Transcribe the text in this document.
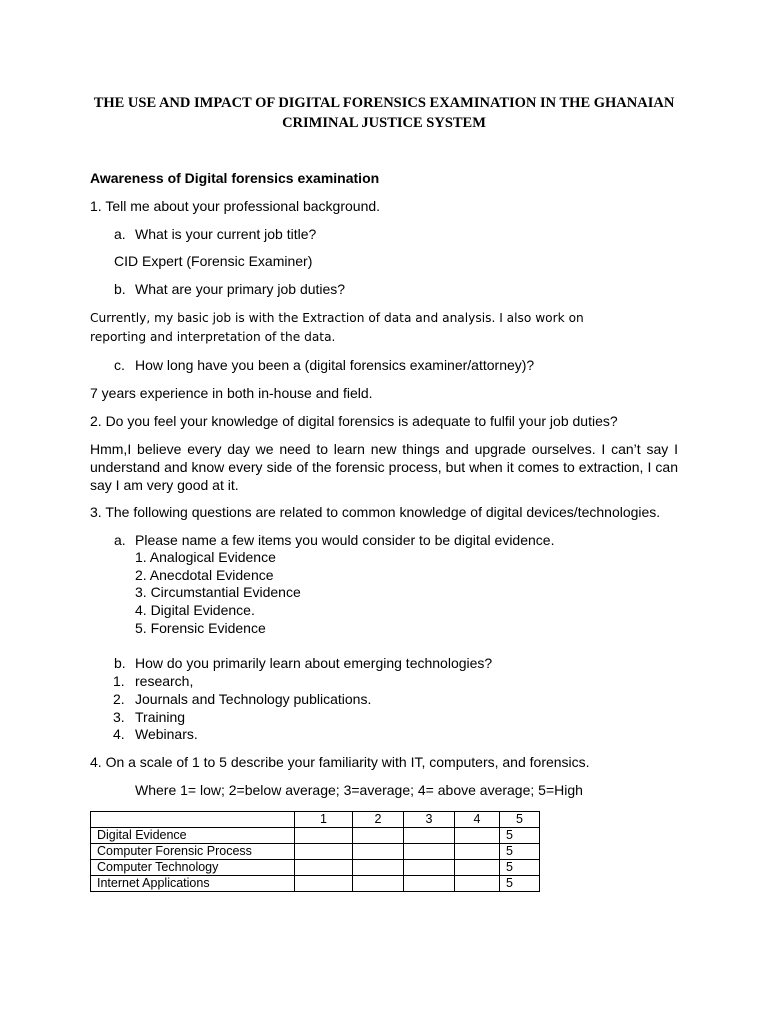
THE USE AND IMPACT OF DIGITAL FORENSICS EXAMINATION IN THE GHANAIAN CRIMINAL JUSTICE SYSTEM
Awareness of Digital forensics examination
1. Tell me about your professional background.
a. What is your current job title?
CID Expert (Forensic Examiner)
b. What are your primary job duties?
Currently, my basic job is with the Extraction of data and analysis. I also work on reporting and interpretation of the data.
c. How long have you been a (digital forensics examiner/attorney)?
7 years experience in both in-house and field.
2. Do you feel your knowledge of digital forensics is adequate to fulfil your job duties?
Hmm,I believe every day we need to learn new things and upgrade ourselves. I can’t say I understand and know every side of the forensic process, but when it comes to extraction, I can say I am very good at it.
3. The following questions are related to common knowledge of digital devices/technologies.
a. Please name a few items you would consider to be digital evidence.
1. Analogical Evidence
2. Anecdotal Evidence
3. Circumstantial Evidence
4. Digital Evidence.
5. Forensic Evidence
b. How do you primarily learn about emerging technologies?
1. research,
2. Journals and Technology publications.
3. Training
4. Webinars.
4. On a scale of 1 to 5 describe your familiarity with IT, computers, and forensics.
Where 1= low; 2=below average; 3=average; 4= above average; 5=High
	1	2	3	4	5
Digital Evidence					5
Computer Forensic Process					5
Computer Technology					5
Internet Applications					5
